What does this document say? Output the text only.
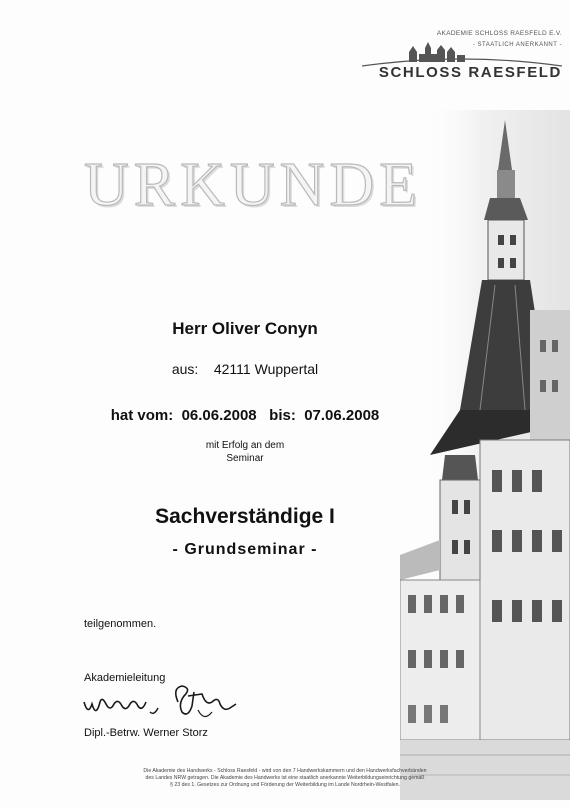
AKADEMIE SCHLOSS RAESFELD E.V.
- STAATLICH ANERKANNT -
SCHLOSS RAESFELD
URKUNDE
Herr Oliver Conyn
aus: 42111 Wuppertal
hat vom: 06.06.2008 bis: 07.06.2008
mit Erfolg an dem
Seminar
Sachverständige I
- Grundseminar -
teilgenommen.
Akademieleitung
Dipl.-Betrw. Werner Storz
Die Akademie des Handwerks - Schloss Raesfeld - wird von den 7 Handwerkskammern und den Handwerksfachverbänden
des Landes NRW getragen. Die Akademie des Handwerks ist eine staatlich anerkannte Weiterbildungseinrichtung gemäß
§ 23 des 1. Gesetzes zur Ordnung und Förderung der Weiterbildung im Lande Nordrhein-Westfalen.
